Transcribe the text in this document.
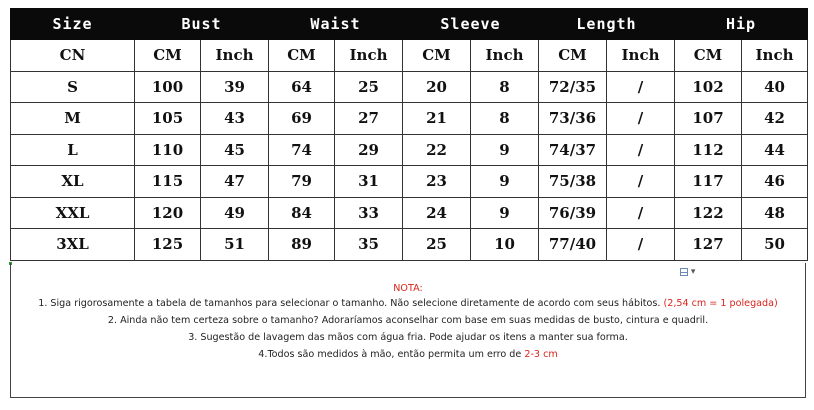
Size	Bust		Waist		Sleeve		Length		Hip	
CN	CM	Inch	CM	Inch	CM	Inch	CM	Inch	CM	Inch
S	100	39	64	25	20	8	72/35	/	102	40
M	105	43	69	27	21	8	73/36	/	107	42
L	110	45	74	29	22	9	74/37	/	112	44
XL	115	47	79	31	23	9	75/38	/	117	46
XXL	120	49	84	33	24	9	76/39	/	122	48
3XL	125	51	89	35	25	10	77/40	/	127	50
▾
NOTA:

1. Siga rigorosamente a tabela de tamanhos para selecionar o tamanho. Não selecione diretamente de acordo com seus hábitos. (2,54 cm = 1 polegada)

2. Ainda não tem certeza sobre o tamanho? Adoraríamos aconselhar com base em suas medidas de busto, cintura e quadril.

3. Sugestão de lavagem das mãos com água fria. Pode ajudar os itens a manter sua forma.

4.Todos são medidos à mão, então permita um erro de 2-3 cm
